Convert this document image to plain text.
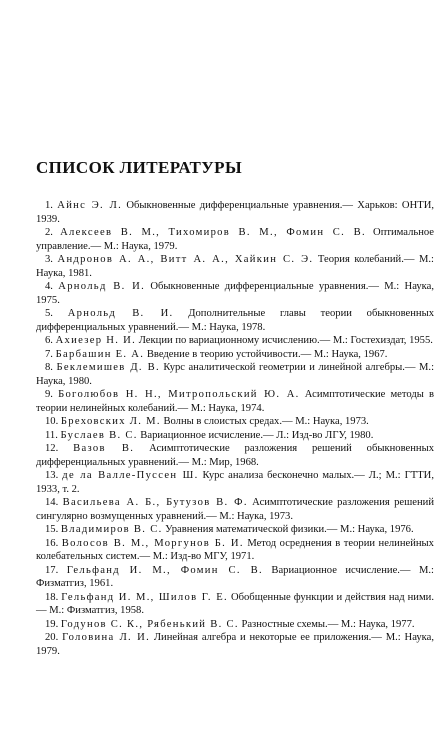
СПИСОК ЛИТЕРАТУРЫ
1. Айнс Э. Л. Обыкновенные дифференциальные уравнения.— Харьков: ОНТИ, 1939.
2. Алексеев В. М., Тихомиров В. М., Фомин С. В. Оптимальное управление.— М.: Наука, 1979.
3. Андронов А. А., Витт А. А., Хайкин С. Э. Теория колебаний.— М.: Наука, 1981.
4. Арнольд В. И. Обыкновенные дифференциальные уравнения.— М.: Наука, 1975.
5. Арнольд В. И. Дополнительные главы теории обыкновенных дифференциальных уравнений.— М.: Наука, 1978.
6. Ахиезер Н. И. Лекции по вариационному исчислению.— М.: Гостехиздат, 1955.
7. Барбашин Е. А. Введение в теорию устойчивости.— М.: Наука, 1967.
8. Беклемишев Д. В. Курс аналитической геометрии и линейной алгебры.— М.: Наука, 1980.
9. Боголюбов Н. Н., Митропольский Ю. А. Асимптотические методы в теории нелинейных колебаний.— М.: Наука, 1974.
10. Бреховских Л. М. Волны в слоистых средах.— М.: Наука, 1973.
11. Буслаев В. С. Вариационное исчисление.— Л.: Изд-во ЛГУ, 1980.
12. Вазов В. Асимптотические разложения решений обыкновенных дифференциальных уравнений.— М.: Мир, 1968.
13. де ла Валле-Пуссен Ш. Курс анализа бесконечно малых.— Л.; М.: ГТТИ, 1933, т. 2.
14. Васильева А. Б., Бутузов В. Ф. Асимптотические разложения решений сингулярно возмущенных уравнений.— М.: Наука, 1973.
15. Владимиров В. С. Уравнения математической физики.— М.: Наука, 1976.
16. Волосов В. М., Моргунов Б. И. Метод осреднения в теории нелинейных колебательных систем.— М.: Изд-во МГУ, 1971.
17. Гельфанд И. М., Фомин С. В. Вариационное исчисление.— М.: Физматгиз, 1961.
18. Гельфанд И. М., Шилов Г. Е. Обобщенные функции и действия над ними.— М.: Физматгиз, 1958.
19. Годунов С. К., Рябенький В. С. Разностные схемы.— М.: Наука, 1977.
20. Головина Л. И. Линейная алгебра и некоторые ее приложения.— М.: Наука, 1979.
